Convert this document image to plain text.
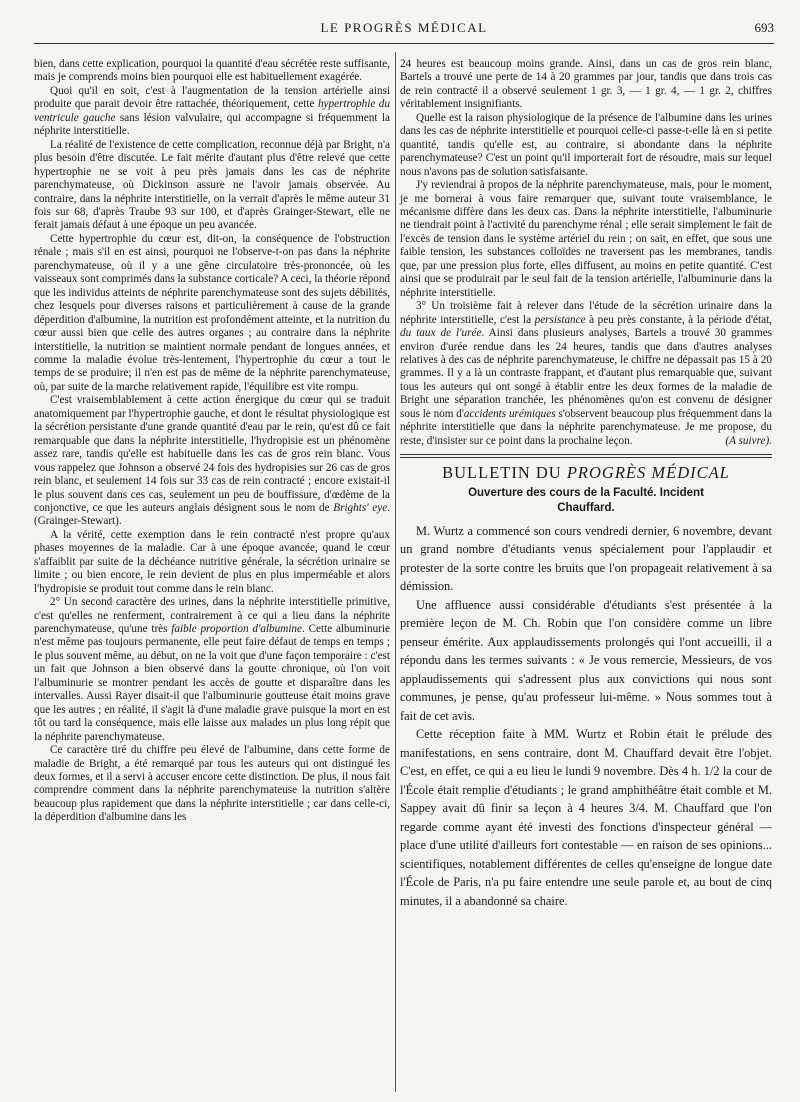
LE PROGRÈS MÉDICAL	693

bien, dans cette explication, pourquoi la quantité d'eau sécrétée reste suffisante, mais je comprends moins bien pourquoi elle est habituellement exagérée.

Quoi qu'il en soit, c'est à l'augmentation de la tension artérielle ainsi produite que parait devoir être rattachée, théoriquement, cette hypertrophie du ventricule gauche sans lésion valvulaire, qui accompagne si fréquemment la néphrite interstitielle.

La réalité de l'existence de cette complication, reconnue déjà par Bright, n'a plus besoin d'être discutée. Le fait mérite d'autant plus d'être relevé que cette hypertrophie ne se voit à peu près jamais dans les cas de néphrite parenchymateuse, où Dickinson assure ne l'avoir jamais observée. Au contraire, dans la néphrite interstitielle, on la verrait d'après le même auteur 31 fois sur 68, d'après Traube 93 sur 100, et d'après Grainger-Stewart, elle ne ferait jamais défaut à une époque un peu avancée.

Cette hypertrophie du cœur est, dit-on, la conséquence de l'obstruction rénale ; mais s'il en est ainsi, pourquoi ne l'observe-t-on pas dans la néphrite parenchymateuse, où il y a une gêne circulatoire très-prononcée, où les vaisseaux sont comprimés dans la substance corticale? A ceci, la théorie répond que les individus atteints de néphrite parenchymateuse sont des sujets débilités, chez lesquels pour diverses raisons et particulièrement à cause de la grande déperdition d'albumine, la nutrition est profondément atteinte, et la nutrition du cœur aussi bien que celle des autres organes ; au contraire dans la néphrite interstitielle, la nutrition se maintient normale pendant de longues années, et comme la maladie évolue très-lentement, l'hypertrophie du cœur a tout le temps de se produire; il n'en est pas de même de la néphrite parenchymateuse, où, par suite de la marche relativement rapide, l'équilibre est vite rompu.

C'est vraisemblablement à cette action énergique du cœur qui se traduit anatomiquement par l'hypertrophie gauche, et dont le résultat physiologique est la sécrétion persistante d'une grande quantité d'eau par le rein, qu'est dû ce fait remarquable que dans la néphrite interstitielle, l'hydropisie est un phénomène assez rare, tandis qu'elle est habituelle dans les cas de gros rein blanc. Vous vous rappelez que Johnson a observé 24 fois des hydropisies sur 26 cas de gros rein blanc, et seulement 14 fois sur 33 cas de rein contracté ; encore existait-il le plus souvent dans ces cas, seulement un peu de bouffissure, d'œdème de la conjonctive, ce que les auteurs anglais désignent sous le nom de Brights' eye. (Grainger-Stewart).

A la vérité, cette exemption dans le rein contracté n'est propre qu'aux phases moyennes de la maladie. Car à une époque avancée, quand le cœur s'affaiblit par suite de la déchéance nutritive générale, la sécrétion urinaire se limite ; ou bien encore, le rein devient de plus en plus imperméable et alors l'hydropisie se produit tout comme dans le rein blanc.

2° Un second caractère des urines, dans la néphrite interstitielle primitive, c'est qu'elles ne renferment, contrairement à ce qui a lieu dans la néphrite parenchymateuse, qu'une très faible proportion d'albumine. Cette albuminurie n'est même pas toujours permanente, elle peut faire défaut de temps en temps ; le plus souvent même, au début, on ne la voit que d'une façon temporaire : c'est un fait que Johnson a bien observé dans la goutte chronique, où l'on voit l'albuminurie se montrer pendant les accès de goutte et disparaître dans les intervalles. Aussi Rayer disait-il que l'albuminurie goutteuse était moins grave que les autres ; en réalité, il s'agit là d'une maladie grave puisque la mort en est tôt ou tard la conséquence, mais elle laisse aux malades un plus long répit que la néphrite parenchymateuse.

Ce caractère tiré du chiffre peu élevé de l'albumine, dans cette forme de maladie de Bright, a été remarqué par tous les auteurs qui ont distingué les deux formes, et il a servi à accuser encore cette distinction. De plus, il nous fait comprendre comment dans la néphrite parenchymateuse la nutrition s'altère beaucoup plus rapidement que dans la néphrite interstitielle ; car dans celle-ci, la déperdition d'albumine dans les

24 heures est beaucoup moins grande. Ainsi, dans un cas de gros rein blanc, Bartels a trouvé une perte de 14 à 20 grammes par jour, tandis que dans trois cas de rein contracté il a observé seulement 1 gr. 3, — 1 gr. 4, — 1 gr. 2, chiffres véritablement insignifiants.

Quelle est la raison physiologique de la présence de l'albumine dans les urines dans les cas de néphrite interstitielle et pourquoi celle-ci passe-t-elle là en si petite quantité, tandis qu'elle est, au contraire, si abondante dans la néphrite parenchymateuse? C'est un point qu'il importerait fort de résoudre, mais sur lequel nous n'avons pas de solution satisfaisante.

J'y reviendrai à propos de la néphrite parenchymateuse, mais, pour le moment, je me bornerai à vous faire remarquer que, suivant toute vraisemblance, le mécanisme diffère dans les deux cas. Dans la néphrite interstitielle, l'albuminurie ne tiendrait point à l'activité du parenchyme rénal ; elle serait simplement le fait de l'excès de tension dans le système artériel du rein ; on sait, en effet, que sous une faible tension, les substances colloïdes ne traversent pas les membranes, tandis que, par une pression plus forte, elles diffusent, au moins en petite quantité. C'est ainsi que se produirait par le seul fait de la tension artérielle, l'albuminurie dans la néphrite interstitielle.

3° Un troisième fait à relever dans l'étude de la sécrétion urinaire dans la néphrite interstitielle, c'est la persistance à peu près constante, à la période d'état, du taux de l'urée. Ainsi dans plusieurs analyses, Bartels a trouvé 30 grammes environ d'urée rendue dans les 24 heures, tandis que dans d'autres analyses relatives à des cas de néphrite parenchymateuse, le chiffre ne dépassait pas 15 à 20 grammes. Il y a là un contraste frappant, et d'autant plus remarquable que, suivant tous les auteurs qui ont songé à établir entre les deux formes de la maladie de Bright une séparation tranchée, les phénomènes qu'on est convenu de désigner sous le nom d'accidents urémiques s'observent beaucoup plus fréquemment dans la néphrite interstitielle que dans la néphrite parenchymateuse. Je me propose, du reste, d'insister sur ce point dans la prochaine leçon.	(A suivre).

BULLETIN DU PROGRÈS MÉDICAL
Ouverture des cours de la Faculté. Incident
Chauffard.

M. Wurtz a commencé son cours vendredi dernier, 6 novembre, devant un grand nombre d'étudiants venus spécialement pour l'applaudir et protester de la sorte contre les bruits que l'on propageait relativement à sa démission.

Une affluence aussi considérable d'étudiants s'est présentée à la première leçon de M. Ch. Robin que l'on considère comme un libre penseur émérite. Aux applaudissements prolongés qui l'ont accueilli, il a répondu dans les termes suivants : « Je vous remercie, Messieurs, de vos applaudissements qui s'adressent plus aux convictions qui nous sont communes, je pense, qu'au professeur lui-même. » Nous sommes tout à fait de cet avis.

Cette réception faite à MM. Wurtz et Robin était le prélude des manifestations, en sens contraire, dont M. Chauffard devait être l'objet. C'est, en effet, ce qui a eu lieu le lundi 9 novembre. Dès 4 h. 1/2 la cour de l'École était remplie d'étudiants ; le grand amphithéâtre était comble et M. Sappey avait dû finir sa leçon à 4 heures 3/4. M. Chauffard que l'on regarde comme ayant été investi des fonctions d'inspecteur général — place d'une utilité d'ailleurs fort contestable — en raison de ses opinions... scientifiques, notablement différentes de celles qu'enseigne de longue date l'École de Paris, n'a pu faire entendre une seule parole et, au bout de cinq minutes, il a abandonné sa chaire.
